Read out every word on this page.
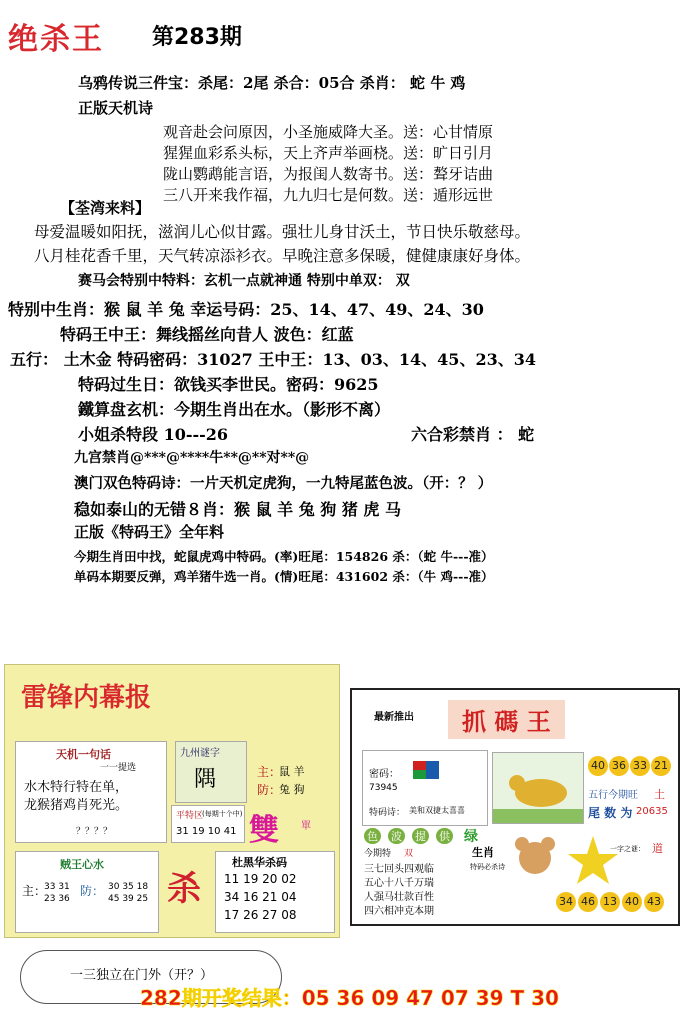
绝杀王 第283期
乌鸦传说三件宝：杀尾：2尾 杀合：05合 杀肖： 蛇 牛 鸡
正版天机诗
观音赴会问原因，小圣施威降大圣。送：心甘情原
猩猩血彩系头标，天上齐声举画桡。送：旷日引月
陇山鹦鹉能言语，为报闺人数寄书。送：聱牙诘曲
三八开来我作福，九九归七是何数。送：遁形远世
【荃湾来料】
母爱温暖如阳抚，滋润儿心似甘露。强壮儿身甘沃土，节日快乐敬慈母。
八月桂花香千里，天气转凉添衫衣。早晚注意多保暖，健健康康好身体。
赛马会特别中特料：玄机一点就神通 特别中单双： 双
特别中生肖：猴 鼠 羊 兔 幸运号码：25、14、47、49、24、30
特码王中王：舞线摇丝向昔人 波色：红蓝
五行： 土木金 特码密码：31027 王中王：13、03、14、45、23、34
特码过生日：欲钱买李世民。密码：9625
鐵算盘玄机：今期生肖出在水。（影形不离）
小姐杀特段 10---26	六合彩禁肖 ： 蛇
九宫禁肖@***@****牛**@**对**@
澳门双色特码诗：一片天机定虎狗，一九特尾蓝色波。（开：？ ）
稳如泰山的无错８肖：猴 鼠 羊 兔 狗 猪 虎 马
正版《特码王》全年料
今期生肖田中找，蛇鼠虎鸡中特码。(率)旺尾：154826 杀：（蛇 牛---准）
单码本期要反弹，鸡羊猪牛选一肖。(情)旺尾：431602 杀：（牛 鸡---准）
雷锋内幕报
天机一句话
一一提选
水木特行特在单，
龙猴猪鸡肖死光。
？？？？
九州谜字
隅	主：
鼠 羊
防：
兔 狗
平特区
(每期十个中)
31 19 10 41 雙 單
贼王心水
主：
33 31
23 36
防： 30 35 18
45 39 25 杀
杜黑华杀码
11 19 20 02
34 16 21 04
17 26 27 08
最新推出	抓 碼 王
密码：
73945
特码诗： 美和双捷太喜喜
40 36 33 21
五行今期旺 土
尾 数 为 20635
色 波 提 供 绿
今期特 双	生肖
特码必杀诗
三七回头四观临
五心十八千万瑞
人强马壮款百性
四六相冲克本期
一字之谜： 道
34 46 13 40 43
一三独立在门外（开？）
282期开奖结果：05 36 09 47 07 39 T 30
